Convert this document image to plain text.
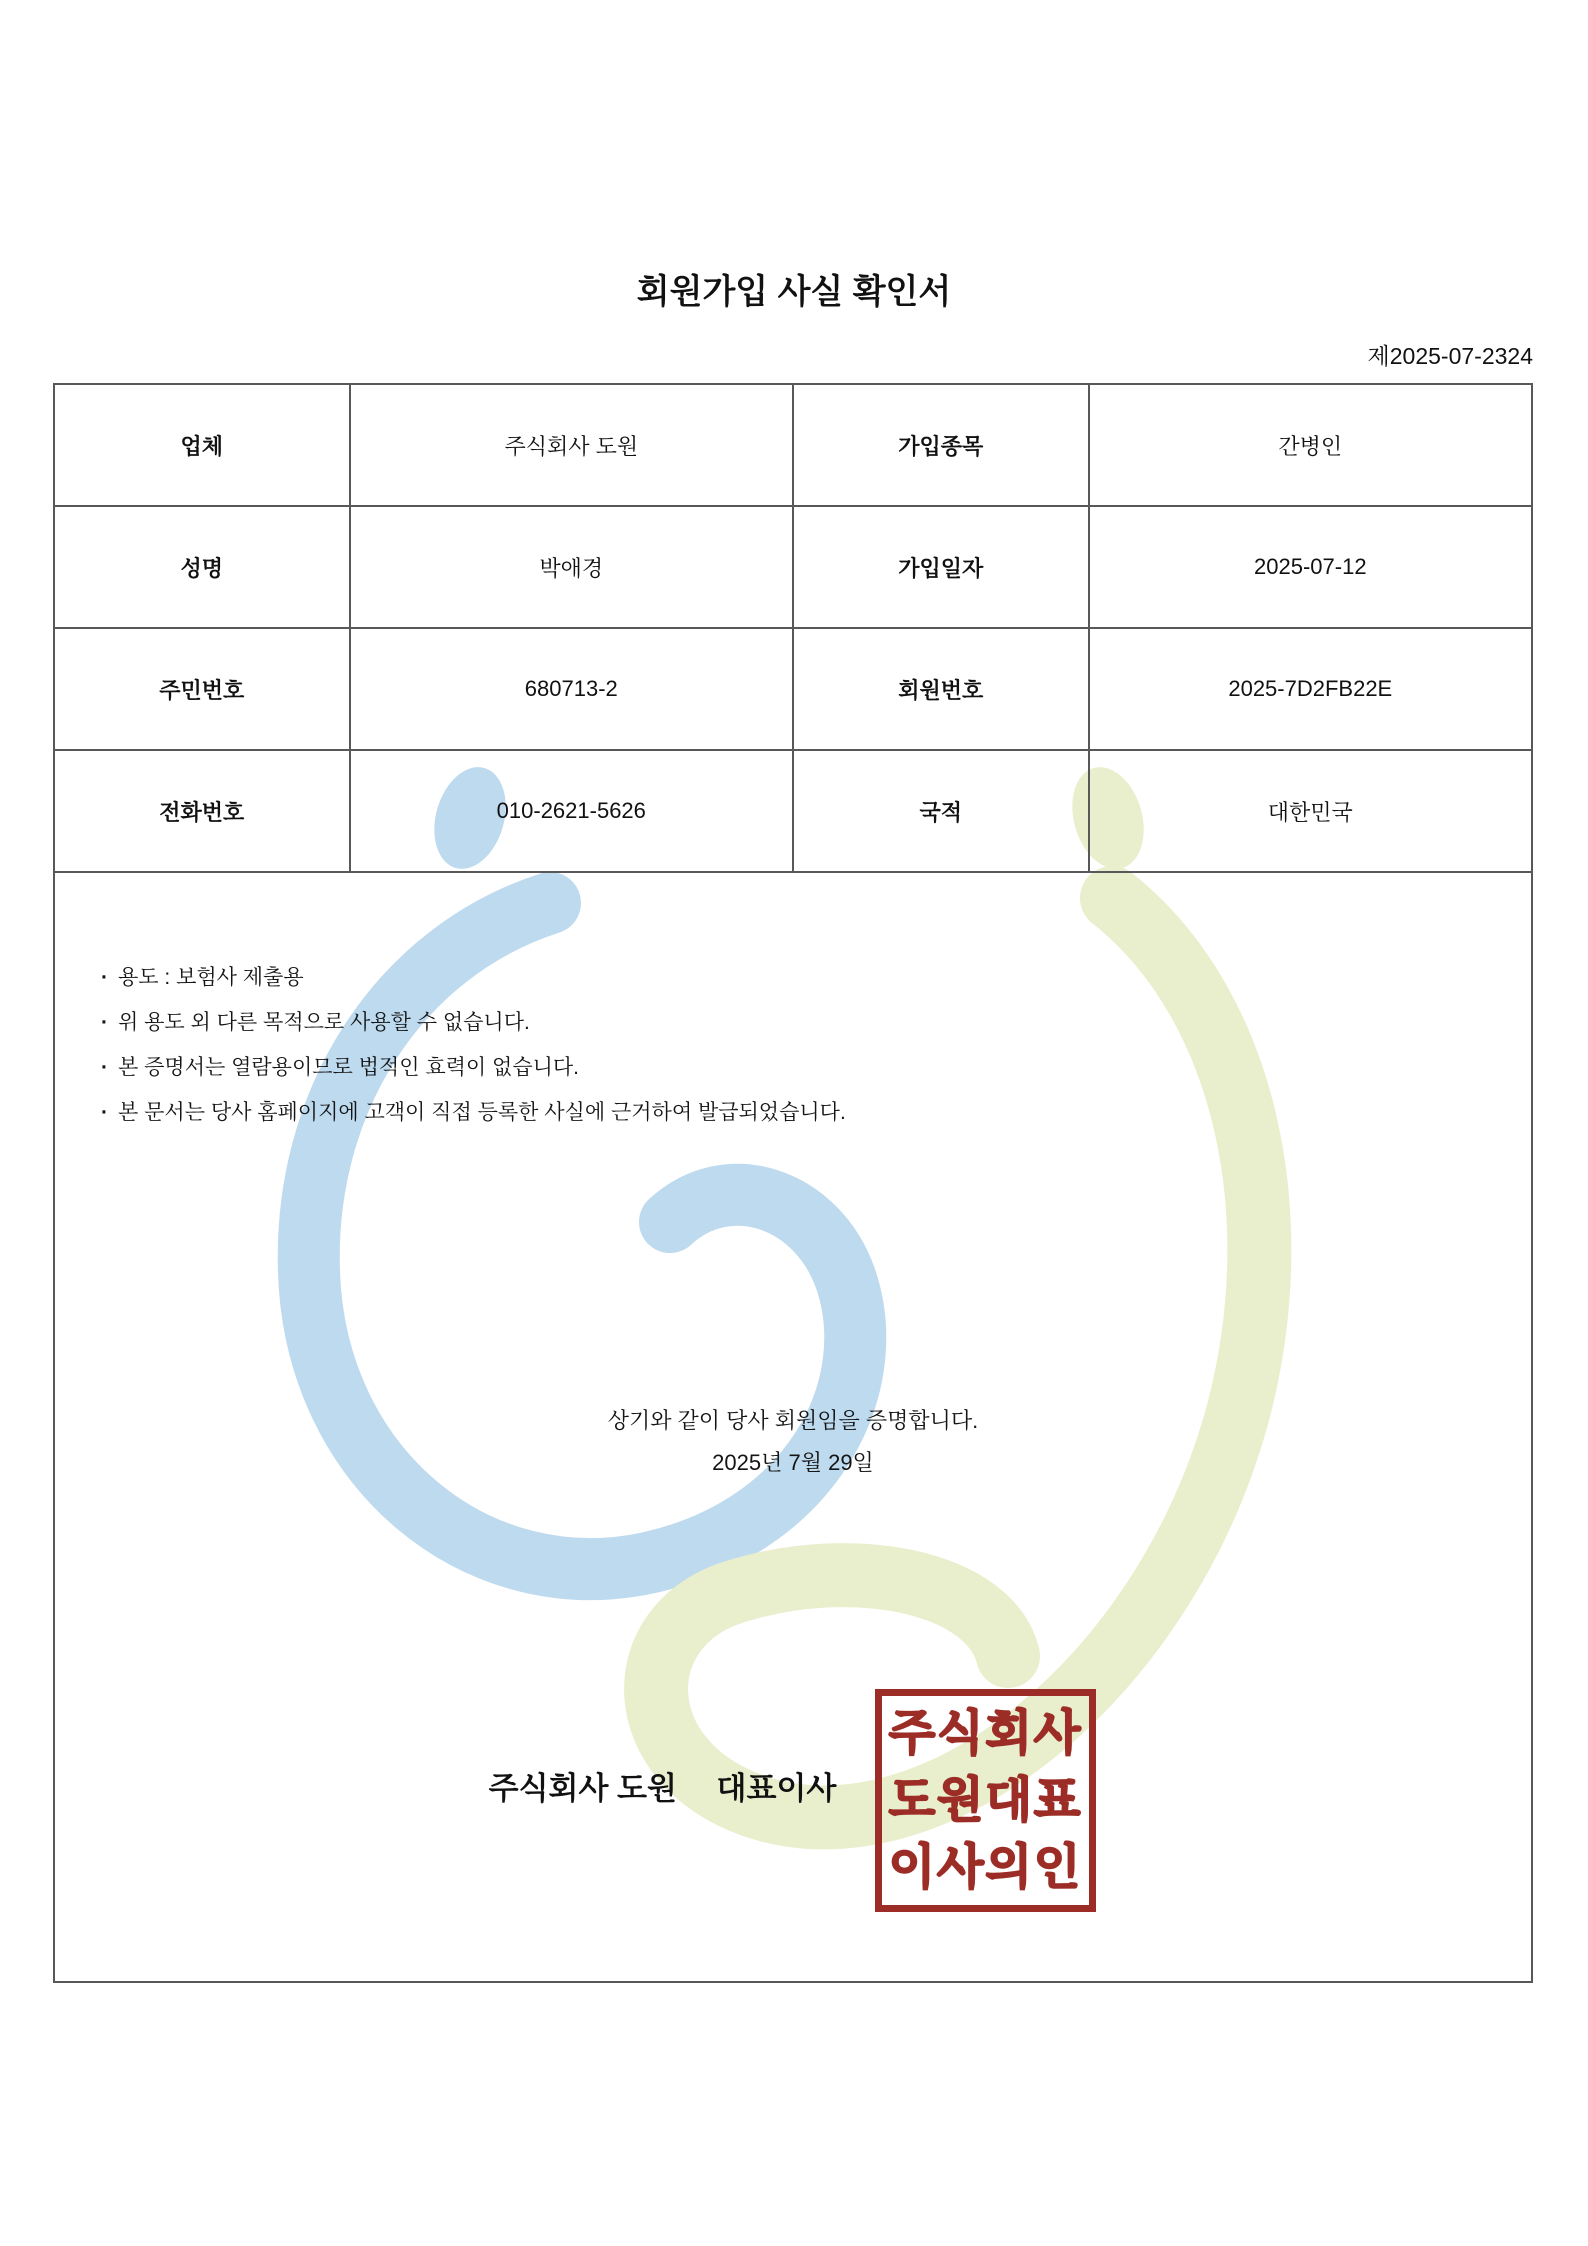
회원가입 사실 확인서
제2025-07-2324
업체	주식회사 도원	가입종목	간병인
성명	박애경	가입일자	2025-07-12
주민번호	680713-2	회원번호	2025-7D2FB22E
전화번호	010-2621-5626	국적	대한민국

· 용도 : 보험사 제출용
· 위 용도 외 다른 목적으로 사용할 수 없습니다.
· 본 증명서는 열람용이므로 법적인 효력이 없습니다.
· 본 문서는 당사 홈페이지에 고객이 직접 등록한 사실에 근거하여 발급되었습니다.
상기와 같이 당사 회원임을 증명합니다.
2025년 7월 29일
주식회사 도원　 대표이사
주식회사
도원대표
이사의인
